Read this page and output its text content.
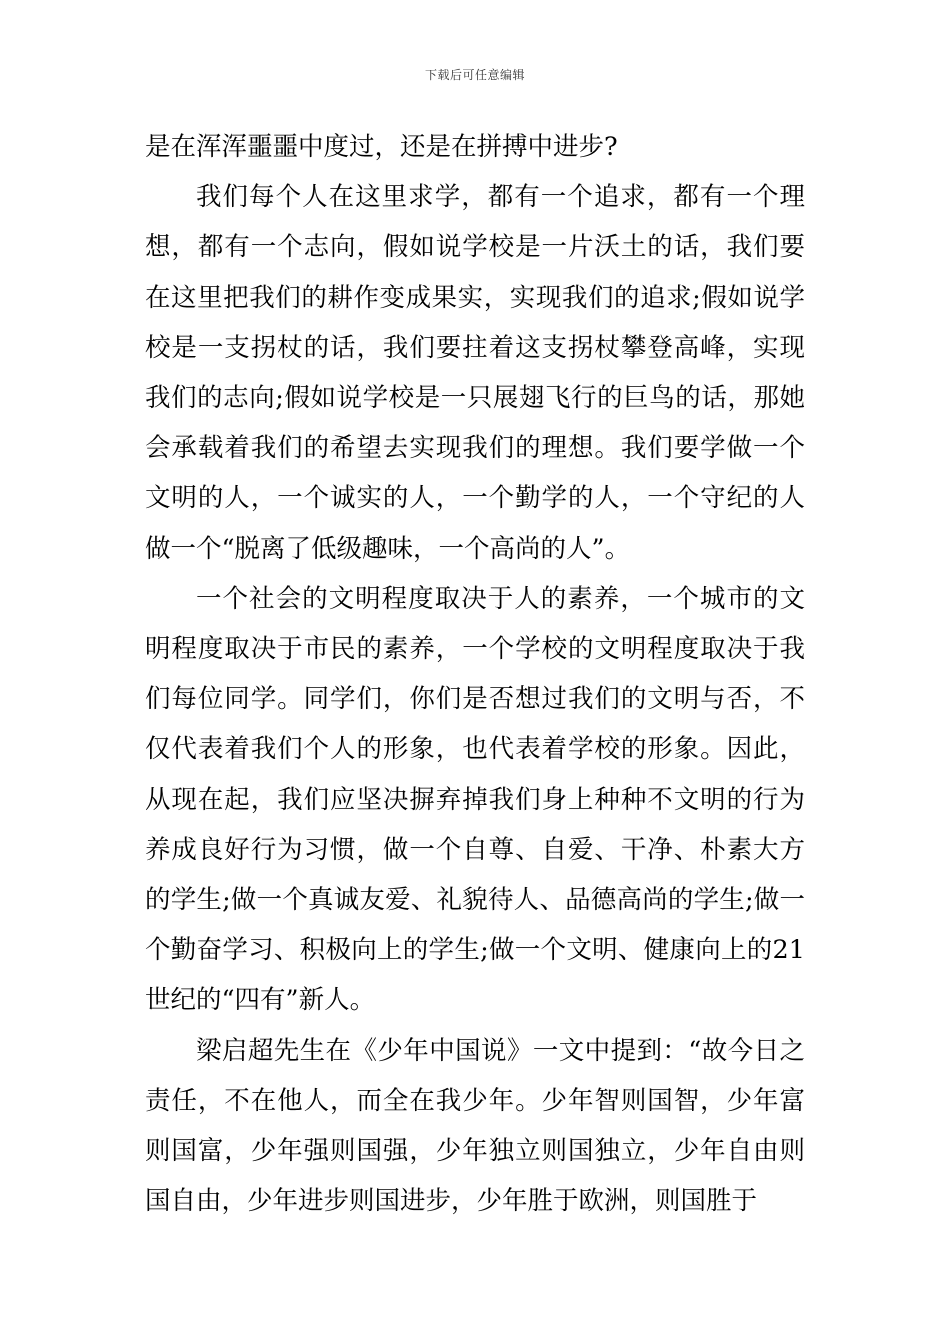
下载后可任意编辑

是在浑浑噩噩中度过，还是在拼搏中进步?

我们每个人在这里求学，都有一个追求，都有一个理想，都有一个志向，假如说学校是一片沃土的话，我们要在这里把我们的耕作变成果实，实现我们的追求;假如说学校是一支拐杖的话，我们要拄着这支拐杖攀登高峰，实现我们的志向;假如说学校是一只展翅飞行的巨鸟的话，那她会承载着我们的希望去实现我们的理想。我们要学做一个文明的人，一个诚实的人，一个勤学的人，一个守纪的人做一个“脱离了低级趣味，一个高尚的人”。

一个社会的文明程度取决于人的素养，一个城市的文明程度取决于市民的素养，一个学校的文明程度取决于我们每位同学。同学们，你们是否想过我们的文明与否，不仅代表着我们个人的形象，也代表着学校的形象。因此，从现在起，我们应坚决摒弃掉我们身上种种不文明的行为养成良好行为习惯，做一个自尊、自爱、干净、朴素大方的学生;做一个真诚友爱、礼貌待人、品德高尚的学生;做一个勤奋学习、积极向上的学生;做一个文明、健康向上的21世纪的“四有”新人。

梁启超先生在《少年中国说》一文中提到：“故今日之责任，不在他人，而全在我少年。少年智则国智，少年富则国富，少年强则国强，少年独立则国独立，少年自由则国自由，少年进步则国进步，少年胜于欧洲，则国胜于
